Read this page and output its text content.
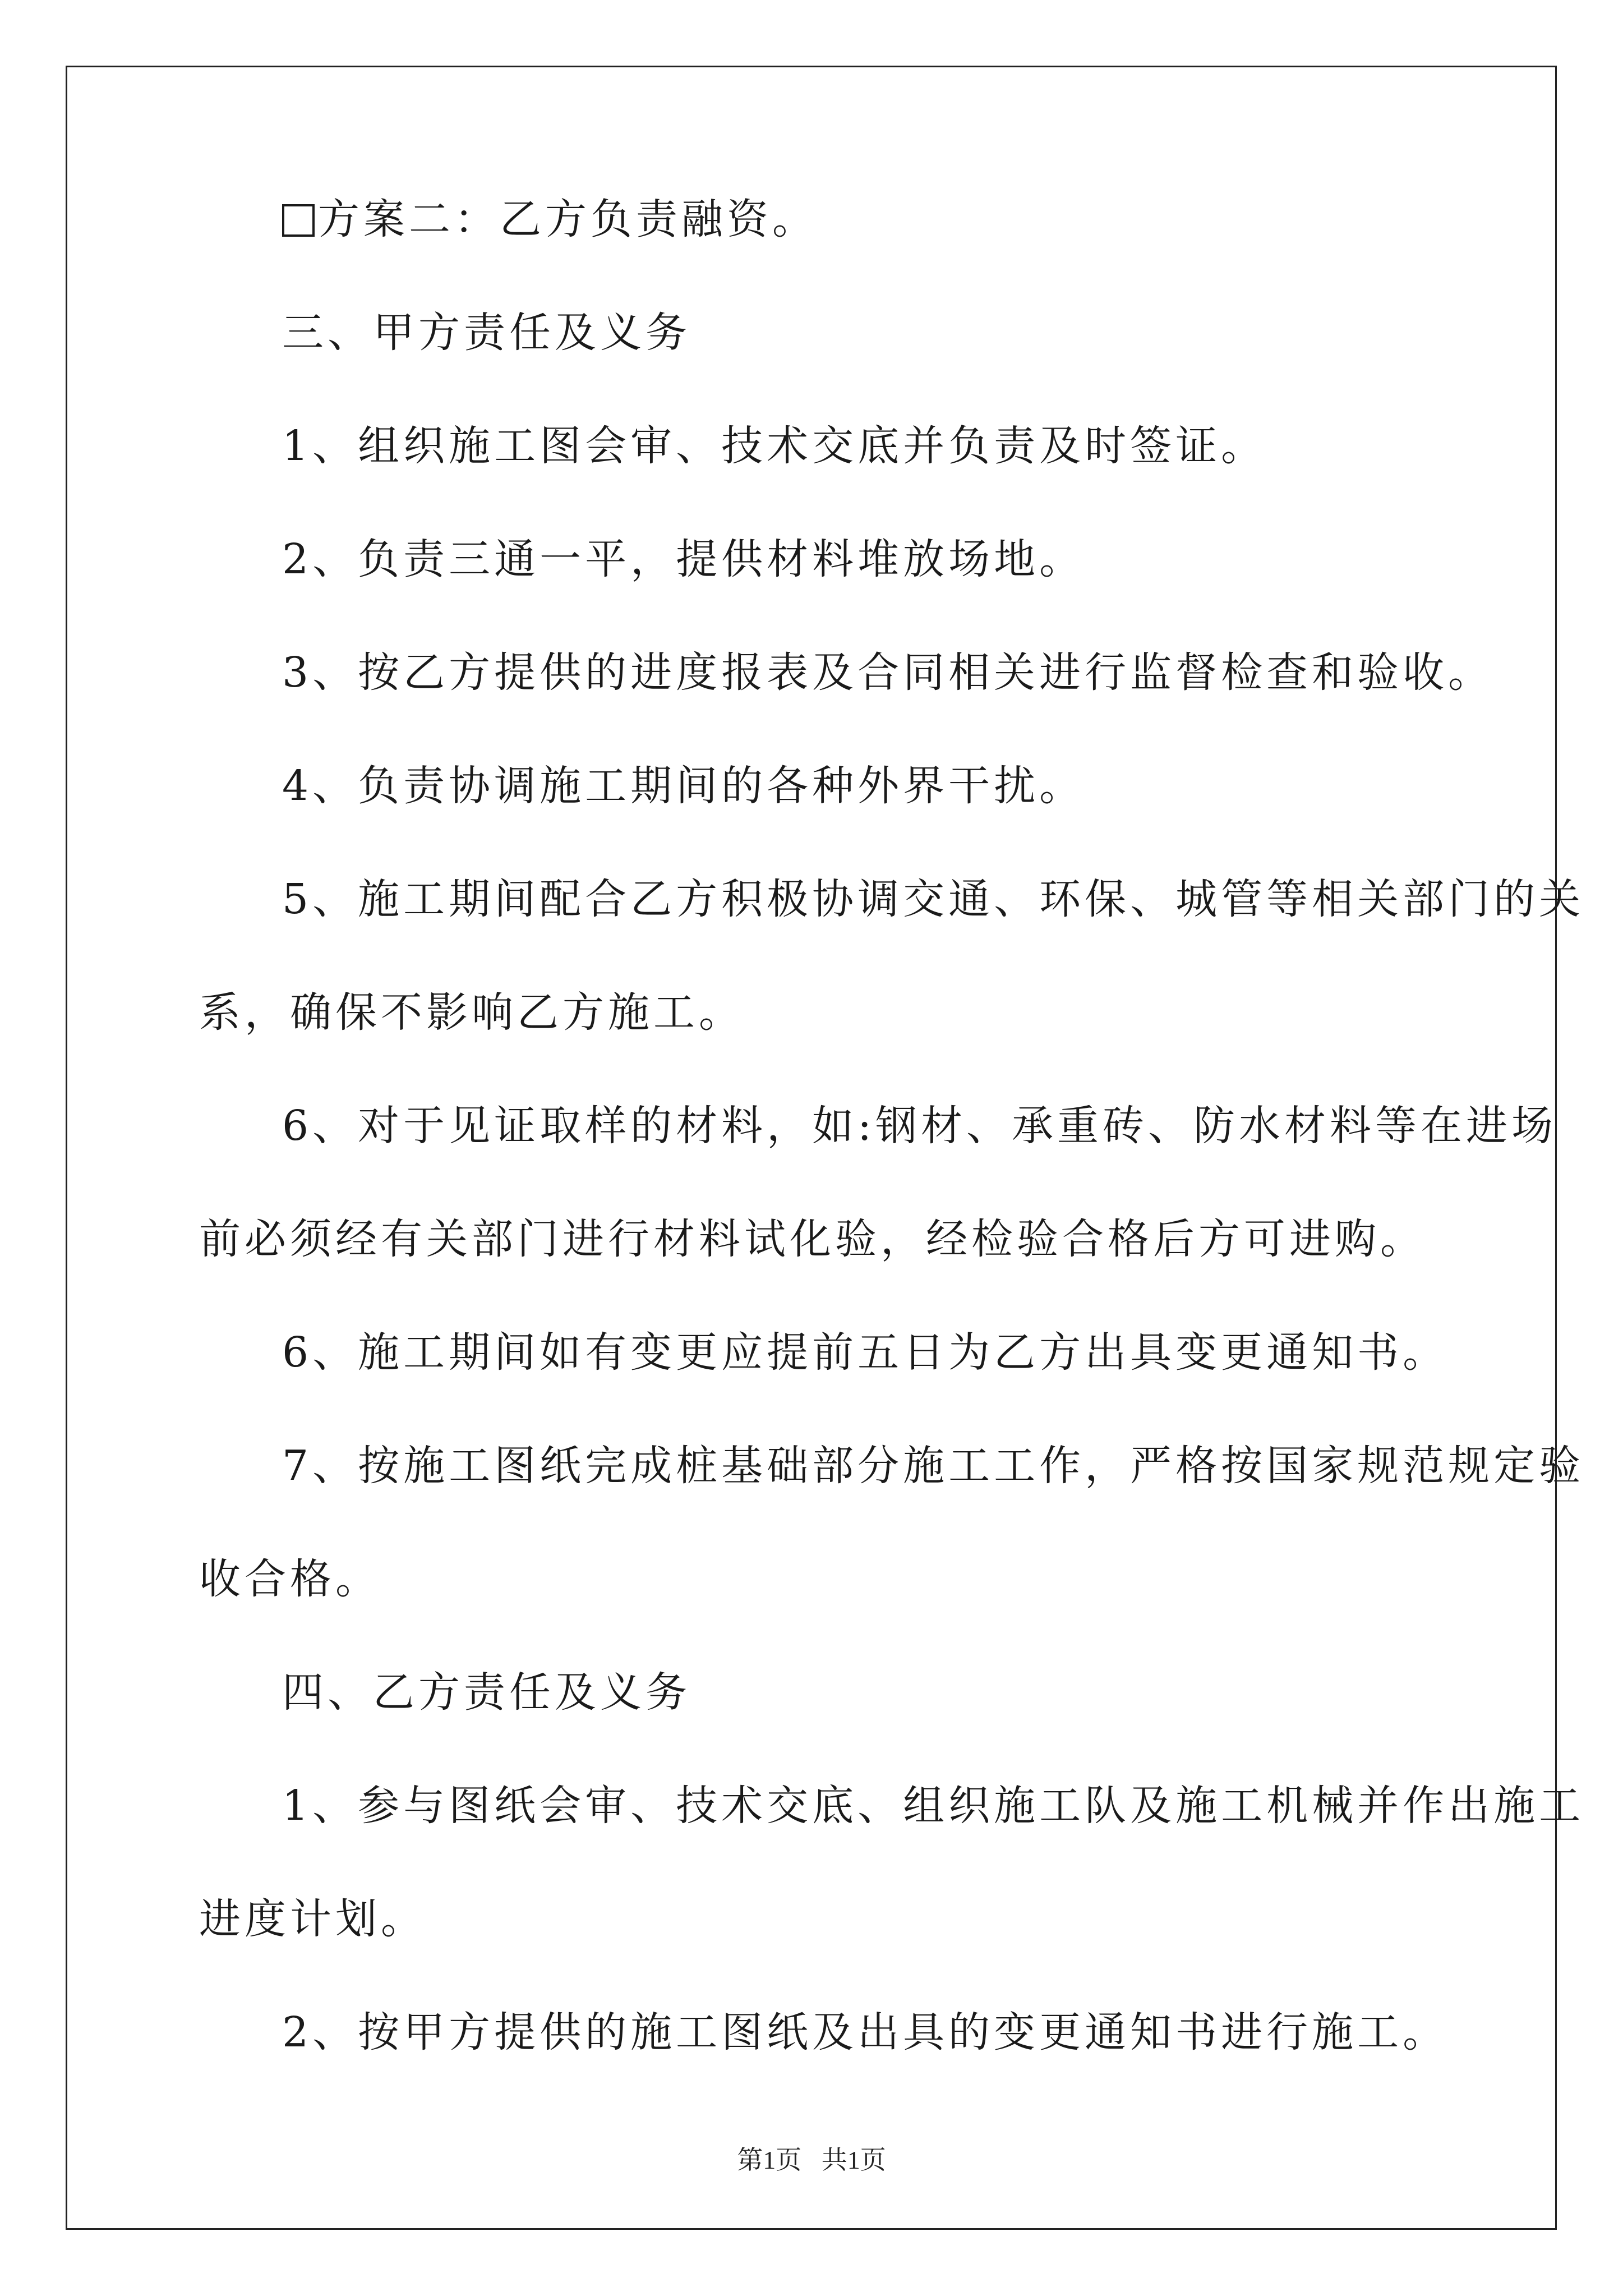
方案二：乙方负责融资。

三、甲方责任及义务

1、组织施工图会审、技术交底并负责及时签证。

2、负责三通一平，提供材料堆放场地。

3、按乙方提供的进度报表及合同相关进行监督检查和验收。

4、负责协调施工期间的各种外界干扰。

5、施工期间配合乙方积极协调交通、环保、城管等相关部门的关

系，确保不影响乙方施工。

6、对于见证取样的材料，如:钢材、承重砖、防水材料等在进场

前必须经有关部门进行材料试化验，经检验合格后方可进购。

6、施工期间如有变更应提前五日为乙方出具变更通知书。

7、按施工图纸完成桩基础部分施工工作，严格按国家规范规定验

收合格。

四、乙方责任及义务

1、参与图纸会审、技术交底、组织施工队及施工机械并作出施工

进度计划。

2、按甲方提供的施工图纸及出具的变更通知书进行施工。

第1页 共1页
